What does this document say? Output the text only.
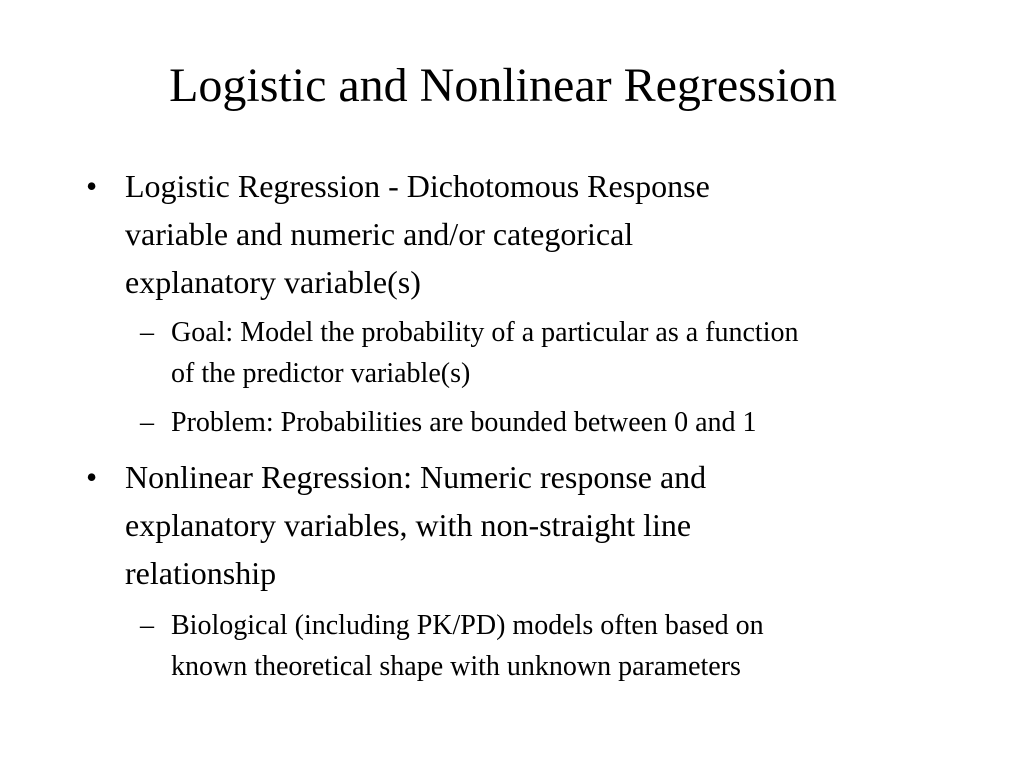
Logistic and Nonlinear Regression
• Logistic Regression - Dichotomous Response
variable and numeric and/or categorical
explanatory variable(s)
– Goal: Model the probability of a particular as a function
of the predictor variable(s)
– Problem: Probabilities are bounded between 0 and 1
• Nonlinear Regression: Numeric response and
explanatory variables, with non-straight line
relationship
– Biological (including PK/PD) models often based on
known theoretical shape with unknown parameters
